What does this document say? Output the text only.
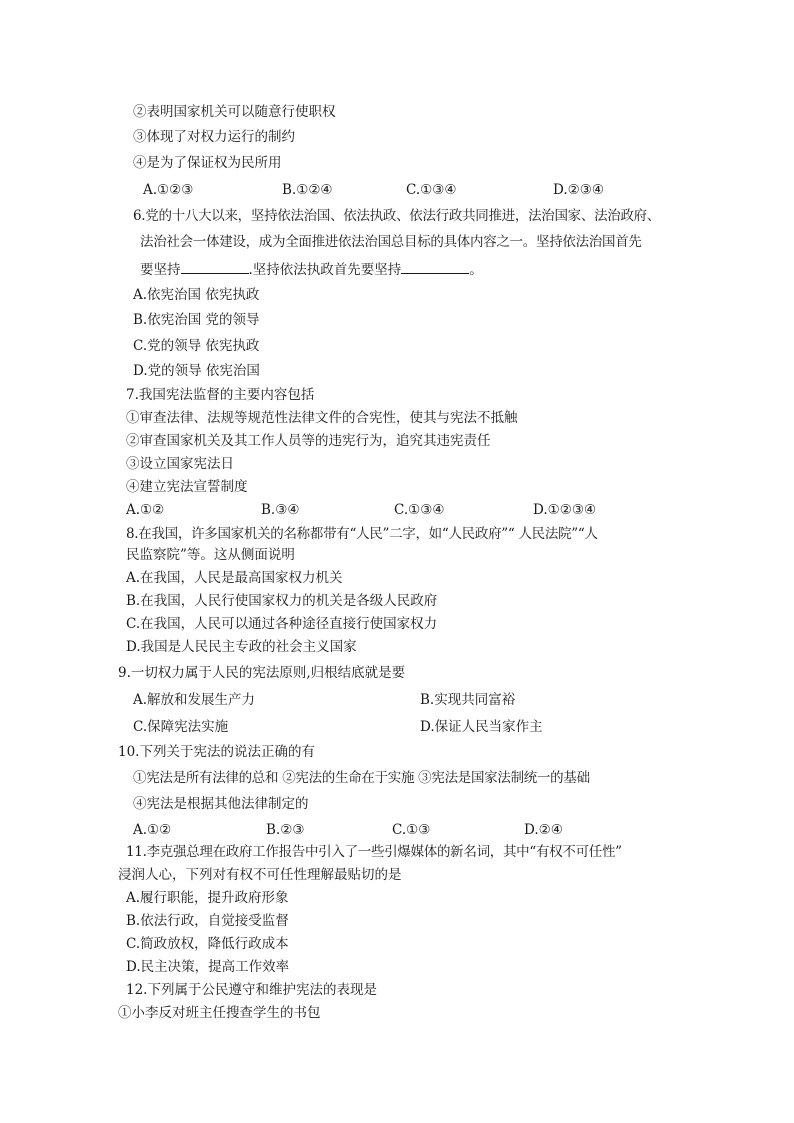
②表明国家机关可以随意行使职权
③体现了对权力运行的制约
④是为了保证权为民所用
A.①②③	B.①②④	C.①③④	D.②③④
6.党的十八大以来，坚持依法治国、依法执政、依法行政共同推进，法治国家、法治政府、
法治社会一体建设，成为全面推进依法治国总目标的具体内容之一。坚持依法治国首先
要坚持	.坚持依法执政首先要坚持	。
A.依宪治国 依宪执政
B.依宪治国 党的领导
C.党的领导 依宪执政
D.党的领导 依宪治国
7.我国宪法监督的主要内容包括
①审查法律、法规等规范性法律文件的合宪性，使其与宪法不抵触
②审查国家机关及其工作人员等的违宪行为，追究其违宪责任
③设立国家宪法日
④建立宪法宣誓制度
A.①②	B.③④	C.①③④	D.①②③④
8.在我国，许多国家机关的名称都带有“人民”二字，如“人民政府”“ 人民法院”“人
民监察院”等。这从侧面说明
A.在我国，人民是最高国家权力机关
B.在我国，人民行使国家权力的机关是各级人民政府
C.在我国，人民可以通过各种途径直接行使国家权力
D.我国是人民民主专政的社会主义国家
9.一切权力属于人民的宪法原则,归根结底就是要
A.解放和发展生产力	B.实现共同富裕
C.保障宪法实施	D.保证人民当家作主
10.下列关于宪法的说法正确的有
①宪法是所有法律的总和 ②宪法的生命在于实施 ③宪法是国家法制统一的基础
④宪法是根据其他法律制定的
A.①②	B.②③	C.①③	D.②④
11.李克强总理在政府工作报告中引入了一些引爆媒体的新名词，其中“有权不可任性”
浸润人心，下列对有权不可任性理解最贴切的是
A.履行职能，提升政府形象
B.依法行政，自觉接受监督
C.简政放权，降低行政成本
D.民主决策，提高工作效率
12.下列属于公民遵守和维护宪法的表现是
①小李反对班主任搜查学生的书包
